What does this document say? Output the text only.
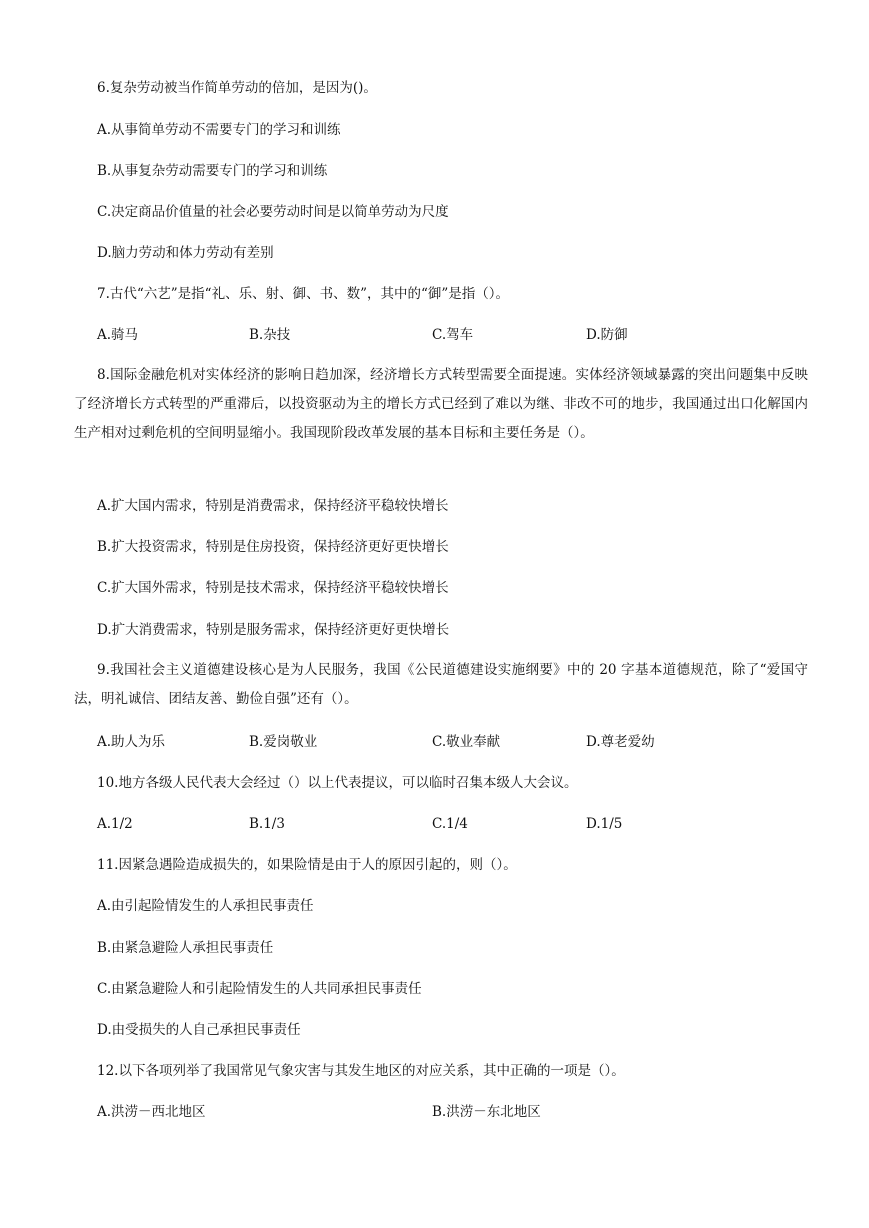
6.复杂劳动被当作简单劳动的倍加，是因为()。
A.从事简单劳动不需要专门的学习和训练
B.从事复杂劳动需要专门的学习和训练
C.决定商品价值量的社会必要劳动时间是以简单劳动为尺度
D.脑力劳动和体力劳动有差别
7.古代“六艺”是指“礼、乐、射、御、书、数”，其中的“御”是指（）。
A.骑马	B.杂技	C.驾车	D.防御
8.国际金融危机对实体经济的影响日趋加深，经济增长方式转型需要全面提速。实体经济领域暴露的突出问题集中反映了经济增长方式转型的严重滞后，以投资驱动为主的增长方式已经到了难以为继、非改不可的地步，我国通过出口化解国内生产相对过剩危机的空间明显缩小。我国现阶段改革发展的基本目标和主要任务是（）。
A.扩大国内需求，特别是消费需求，保持经济平稳较快增长
B.扩大投资需求，特别是住房投资，保持经济更好更快增长
C.扩大国外需求，特别是技术需求，保持经济平稳较快增长
D.扩大消费需求，特别是服务需求，保持经济更好更快增长
9.我国社会主义道德建设核心是为人民服务，我国《公民道德建设实施纲要》中的 20 字基本道德规范，除了“爱国守法，明礼诚信、团结友善、勤俭自强”还有（）。
A.助人为乐	B.爱岗敬业	C.敬业奉献	D.尊老爱幼
10.地方各级人民代表大会经过（）以上代表提议，可以临时召集本级人大会议。
A.1/2	B.1/3	C.1/4	D.1/5
11.因紧急遇险造成损失的，如果险情是由于人的原因引起的，则（）。
A.由引起险情发生的人承担民事责任
B.由紧急避险人承担民事责任
C.由紧急避险人和引起险情发生的人共同承担民事责任
D.由受损失的人自己承担民事责任
12.以下各项列举了我国常见气象灾害与其发生地区的对应关系，其中正确的一项是（）。
A.洪涝－西北地区	B.洪涝－东北地区
